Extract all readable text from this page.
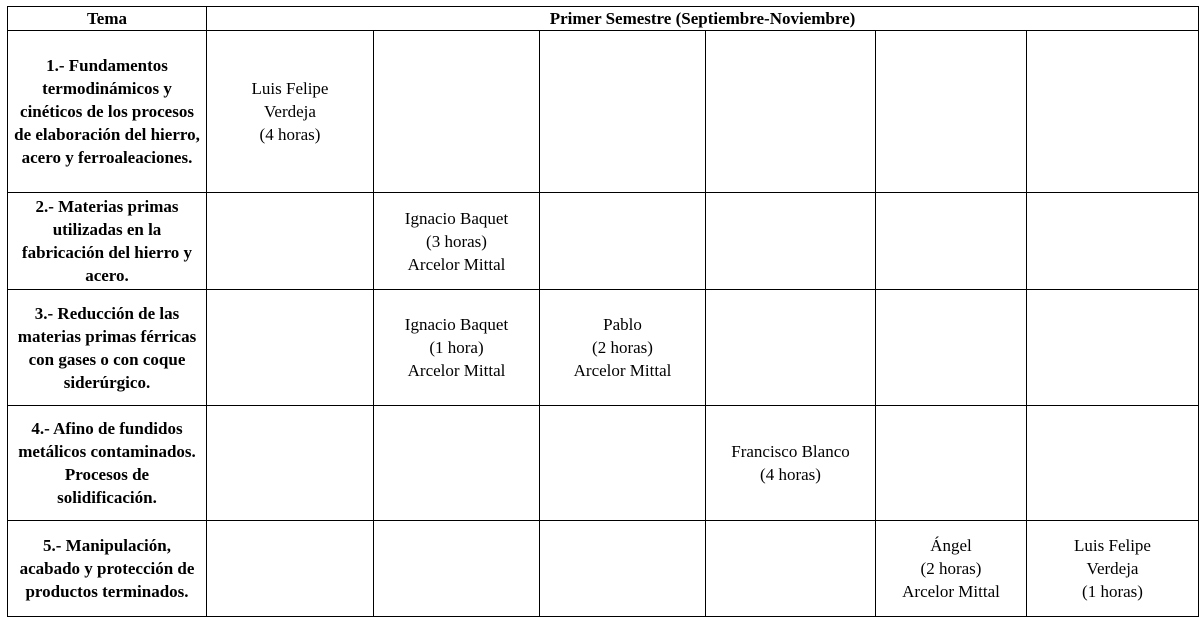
Tema	Primer Semestre (Septiembre-Noviembre)					

1.- Fundamentos termodinámicos y cinéticos de los procesos de elaboración del hierro, acero y ferroaleaciones.	Luis Felipe
Verdeja
(4 horas)					

2.- Materias primas utilizadas en la fabricación del hierro y acero.		Ignacio Baquet
(3 horas)
Arcelor Mittal				

3.- Reducción de las materias primas férricas con gases o con coque siderúrgico.		Ignacio Baquet
(1 hora)
Arcelor Mittal	Pablo
(2 horas)
Arcelor Mittal			

4.- Afino de fundidos metálicos contaminados. Procesos de solidificación.				Francisco Blanco
(4 horas)		

5.- Manipulación, acabado y protección de productos terminados.					Ángel
(2 horas)
Arcelor Mittal	Luis Felipe
Verdeja
(1 horas)
